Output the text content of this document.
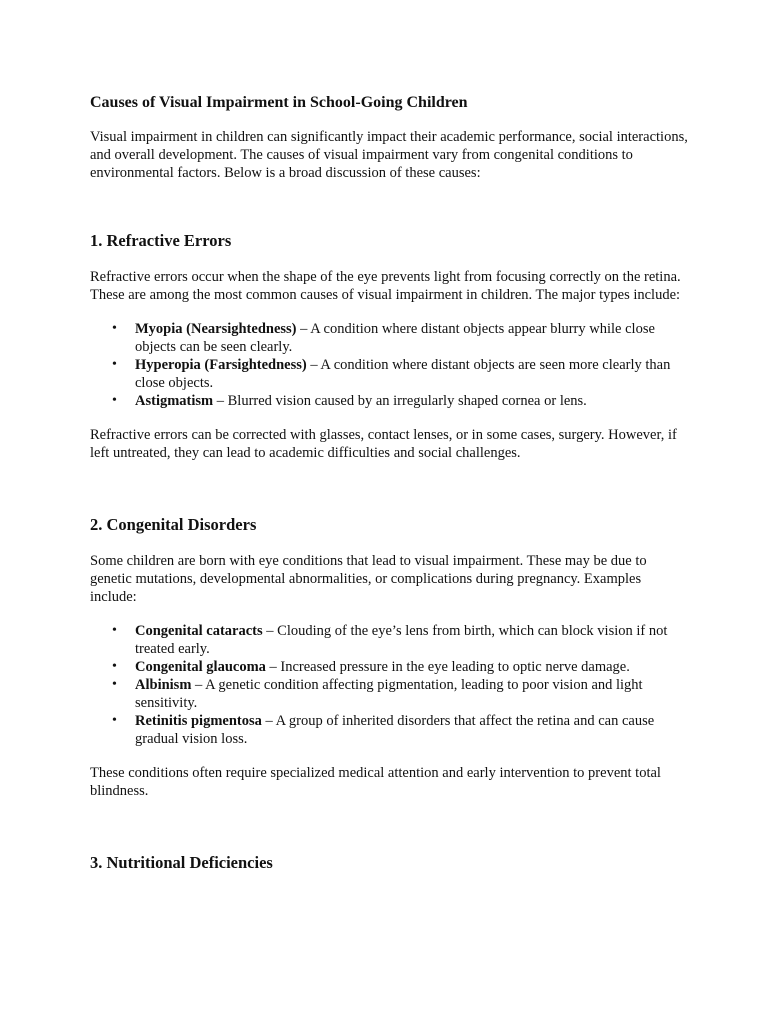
Causes of Visual Impairment in School-Going Children

Visual impairment in children can significantly impact their academic performance, social interactions, and overall development. The causes of visual impairment vary from congenital conditions to environmental factors. Below is a broad discussion of these causes:

1. Refractive Errors

Refractive errors occur when the shape of the eye prevents light from focusing correctly on the retina. These are among the most common causes of visual impairment in children. The major types include:

• Myopia (Nearsightedness) – A condition where distant objects appear blurry while close objects can be seen clearly.
• Hyperopia (Farsightedness) – A condition where distant objects are seen more clearly than close objects.
• Astigmatism – Blurred vision caused by an irregularly shaped cornea or lens.

Refractive errors can be corrected with glasses, contact lenses, or in some cases, surgery. However, if left untreated, they can lead to academic difficulties and social challenges.

2. Congenital Disorders

Some children are born with eye conditions that lead to visual impairment. These may be due to genetic mutations, developmental abnormalities, or complications during pregnancy. Examples include:

• Congenital cataracts – Clouding of the eye’s lens from birth, which can block vision if not treated early.
• Congenital glaucoma – Increased pressure in the eye leading to optic nerve damage.
• Albinism – A genetic condition affecting pigmentation, leading to poor vision and light sensitivity.
• Retinitis pigmentosa – A group of inherited disorders that affect the retina and can cause gradual vision loss.

These conditions often require specialized medical attention and early intervention to prevent total blindness.

3. Nutritional Deficiencies
